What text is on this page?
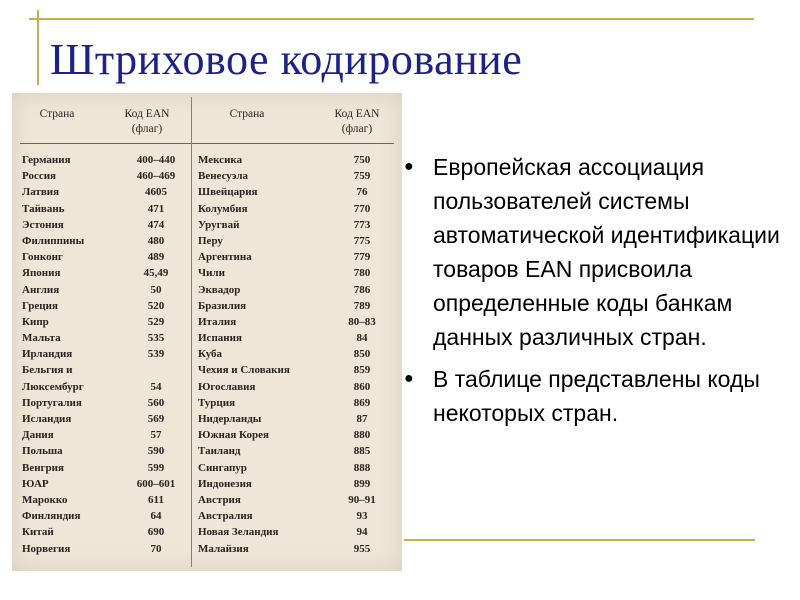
Штриховое кодирование
Страна	Код EAN
(флаг)
Страна	Код EAN
(флаг)
Германия	400–440
Россия	460–469
Латвия	4605
Тайвань	471
Эстония	474
Филиппины	480
Гонконг	489
Япония	45,49
Англия	50
Греция	520
Кипр	529
Мальта	535
Ирландия	539
Бельгия и
Люксембург	54
Португалия	560
Исландия	569
Дания	57
Польша	590
Венгрия	599
ЮАР	600–601
Марокко	611
Финляндия	64
Китай	690
Норвегия	70
Мексика	750
Венесуэла	759
Швейцария	76
Колумбия	770
Уругвай	773
Перу	775
Аргентина	779
Чили	780
Эквадор	786
Бразилия	789
Италия	80–83
Испания	84
Куба	850
Чехия и Словакия	859
Югославия	860
Турция	869
Нидерланды	87
Южная Корея	880
Таиланд	885
Сингапур	888
Индонезия	899
Австрия	90–91
Австралия	93
Новая Зеландия	94
Малайзия	955
● Европейская ассоциация пользователей системы автоматической идентификации товаров EAN присвоила определенные коды банкам данных различных стран.
● В таблице представлены коды некоторых стран.
